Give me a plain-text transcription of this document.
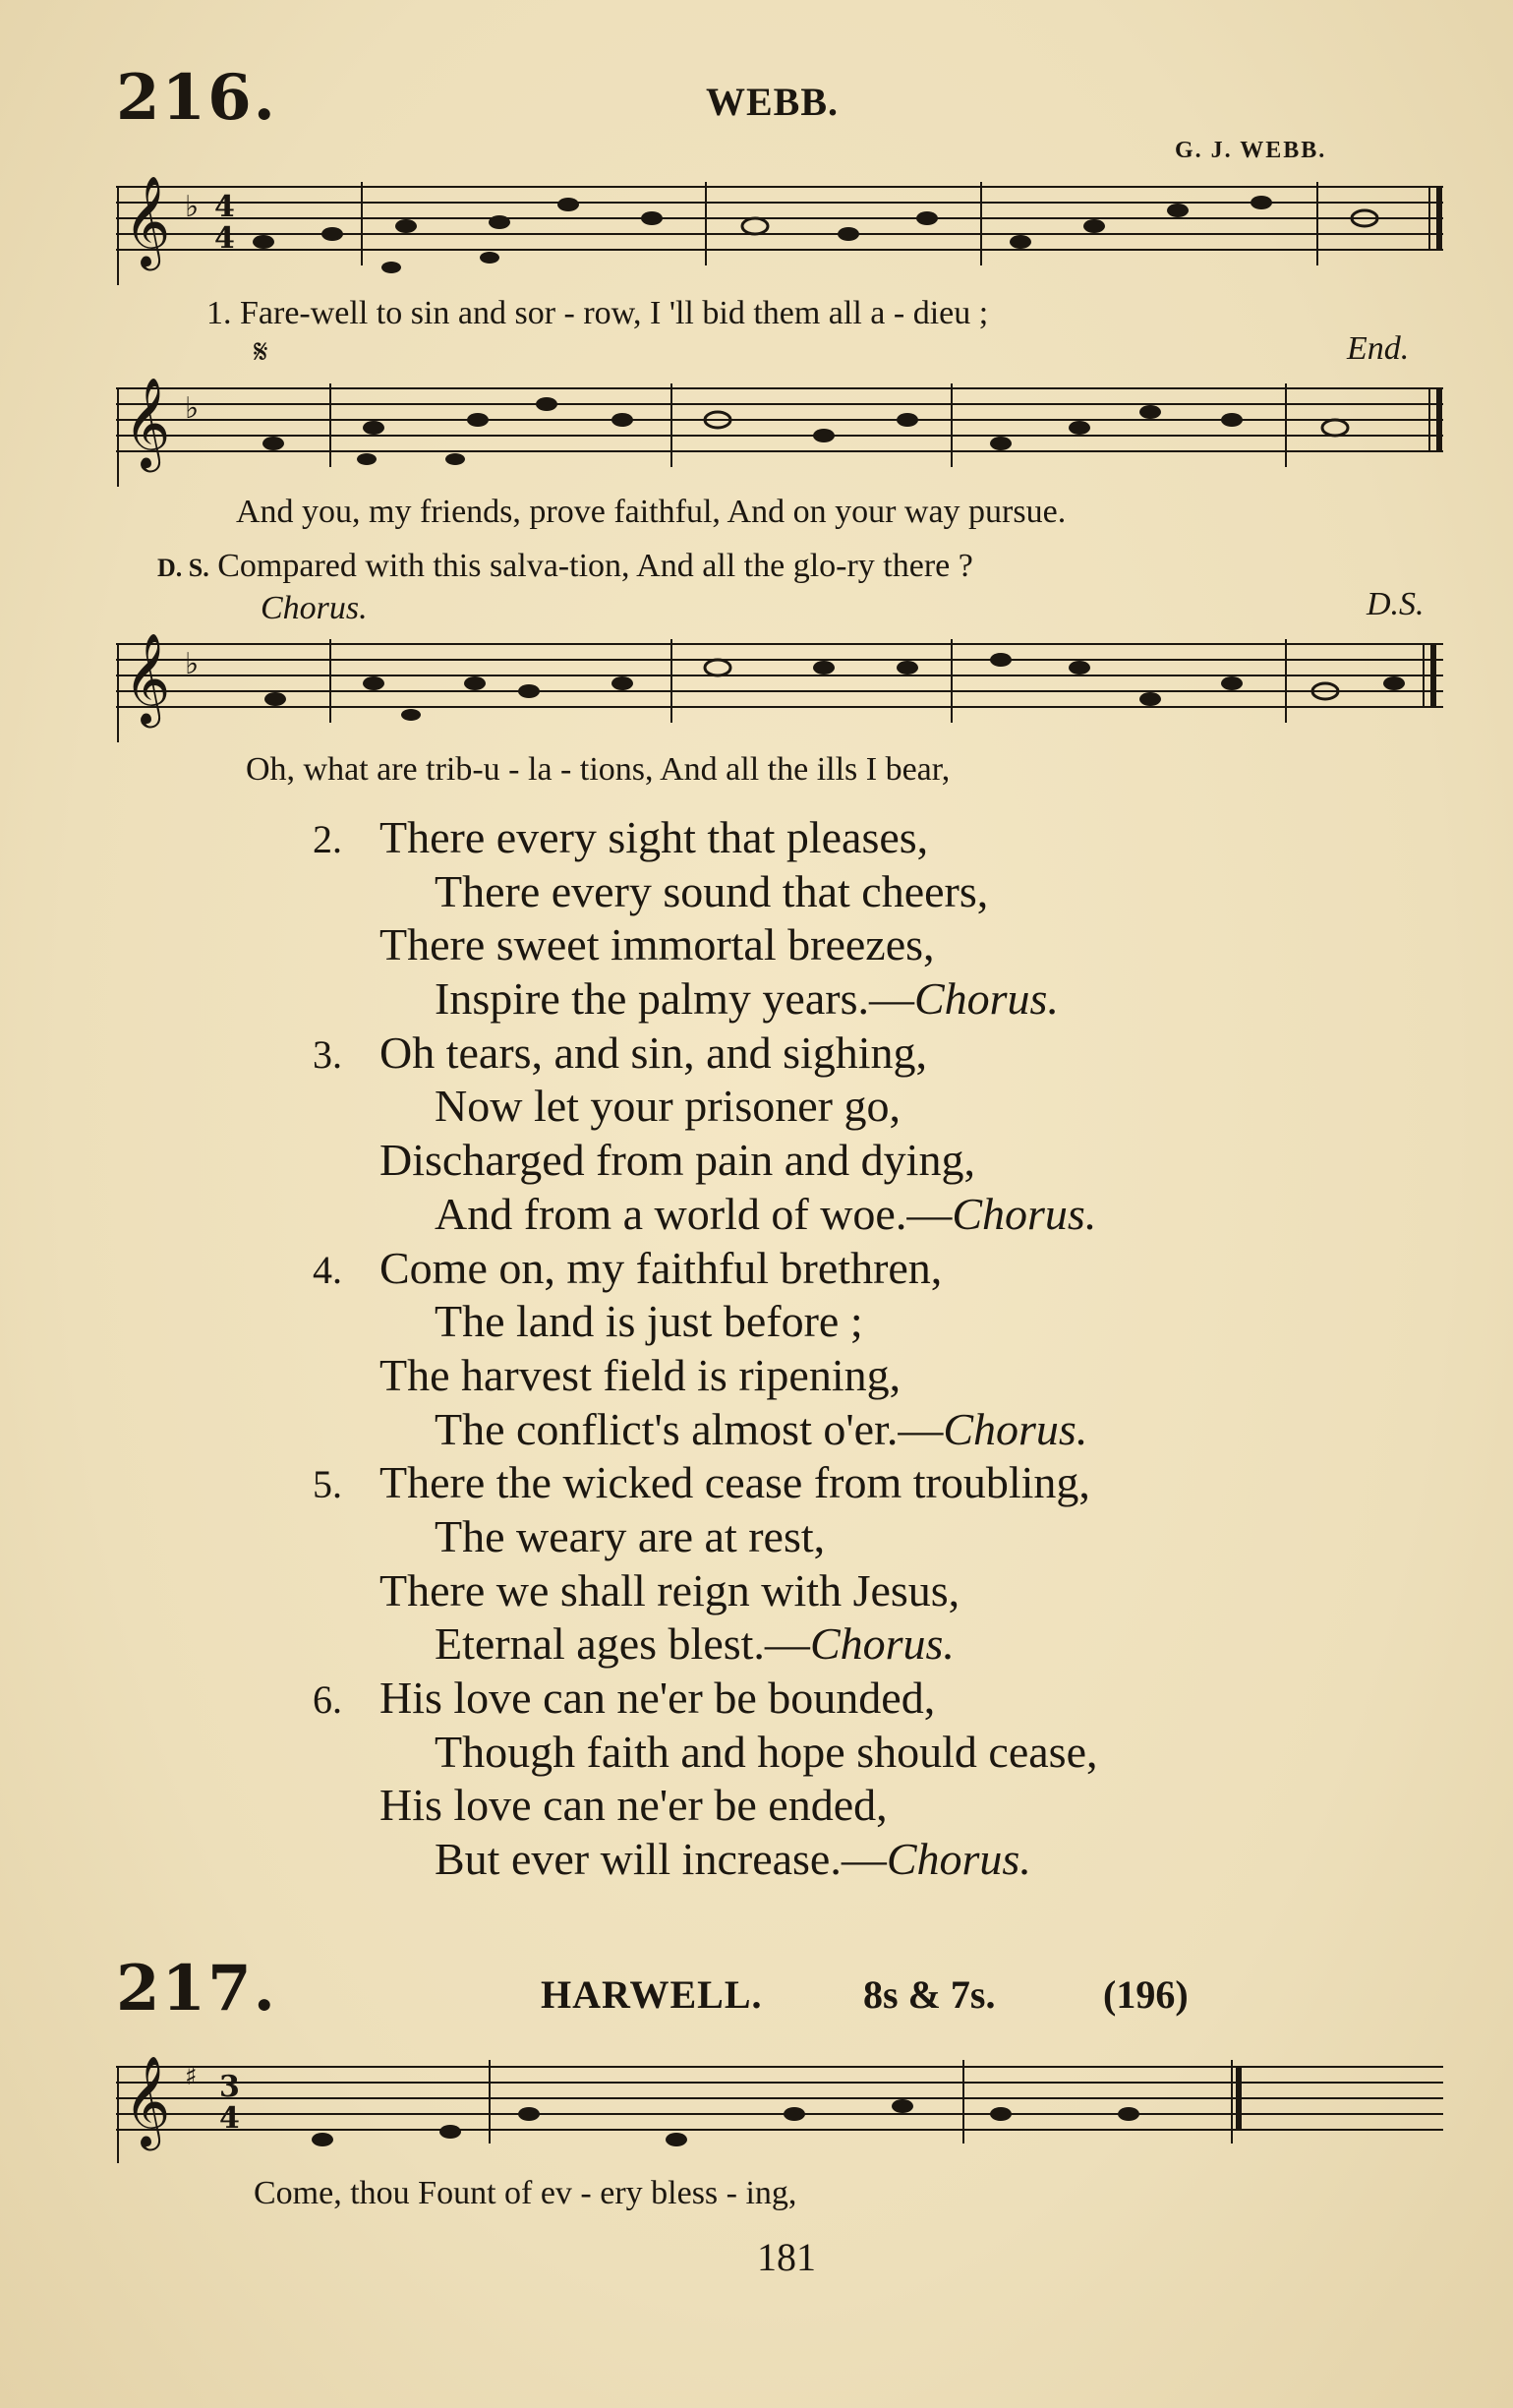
216.	WEBB.
G. J. WEBB.
𝄞 ♭ 4
4
1. Fare-well to sin and sor - row, I 'll bid them all a - dieu ;
𝄋	End.
𝄞 ♭
And you, my friends, prove faithful, And on your way pursue.
D. S. Compared with this salva-tion, And all the glo-ry there ?
Chorus.	D.S.
𝄞 ♭
Oh, what are trib-u - la - tions, And all the ills I bear,
2. There every sight that pleases,
There every sound that cheers,
There sweet immortal breezes,
Inspire the palmy years.—Chorus.
3. Oh tears, and sin, and sighing,
Now let your prisoner go,
Discharged from pain and dying,
And from a world of woe.—Chorus.
4. Come on, my faithful brethren,
The land is just before ;
The harvest field is ripening,
The conflict's almost o'er.—Chorus.
5. There the wicked cease from troubling,
The weary are at rest,
There we shall reign with Jesus,
Eternal ages blest.—Chorus.
6. His love can ne'er be bounded,
Though faith and hope should cease,
His love can ne'er be ended,
But ever will increase.—Chorus.
217.	HARWELL.	8s & 7s.	(196)
𝄞 ♯ 3
4
Come, thou Fount of ev - ery bless - ing,
181
